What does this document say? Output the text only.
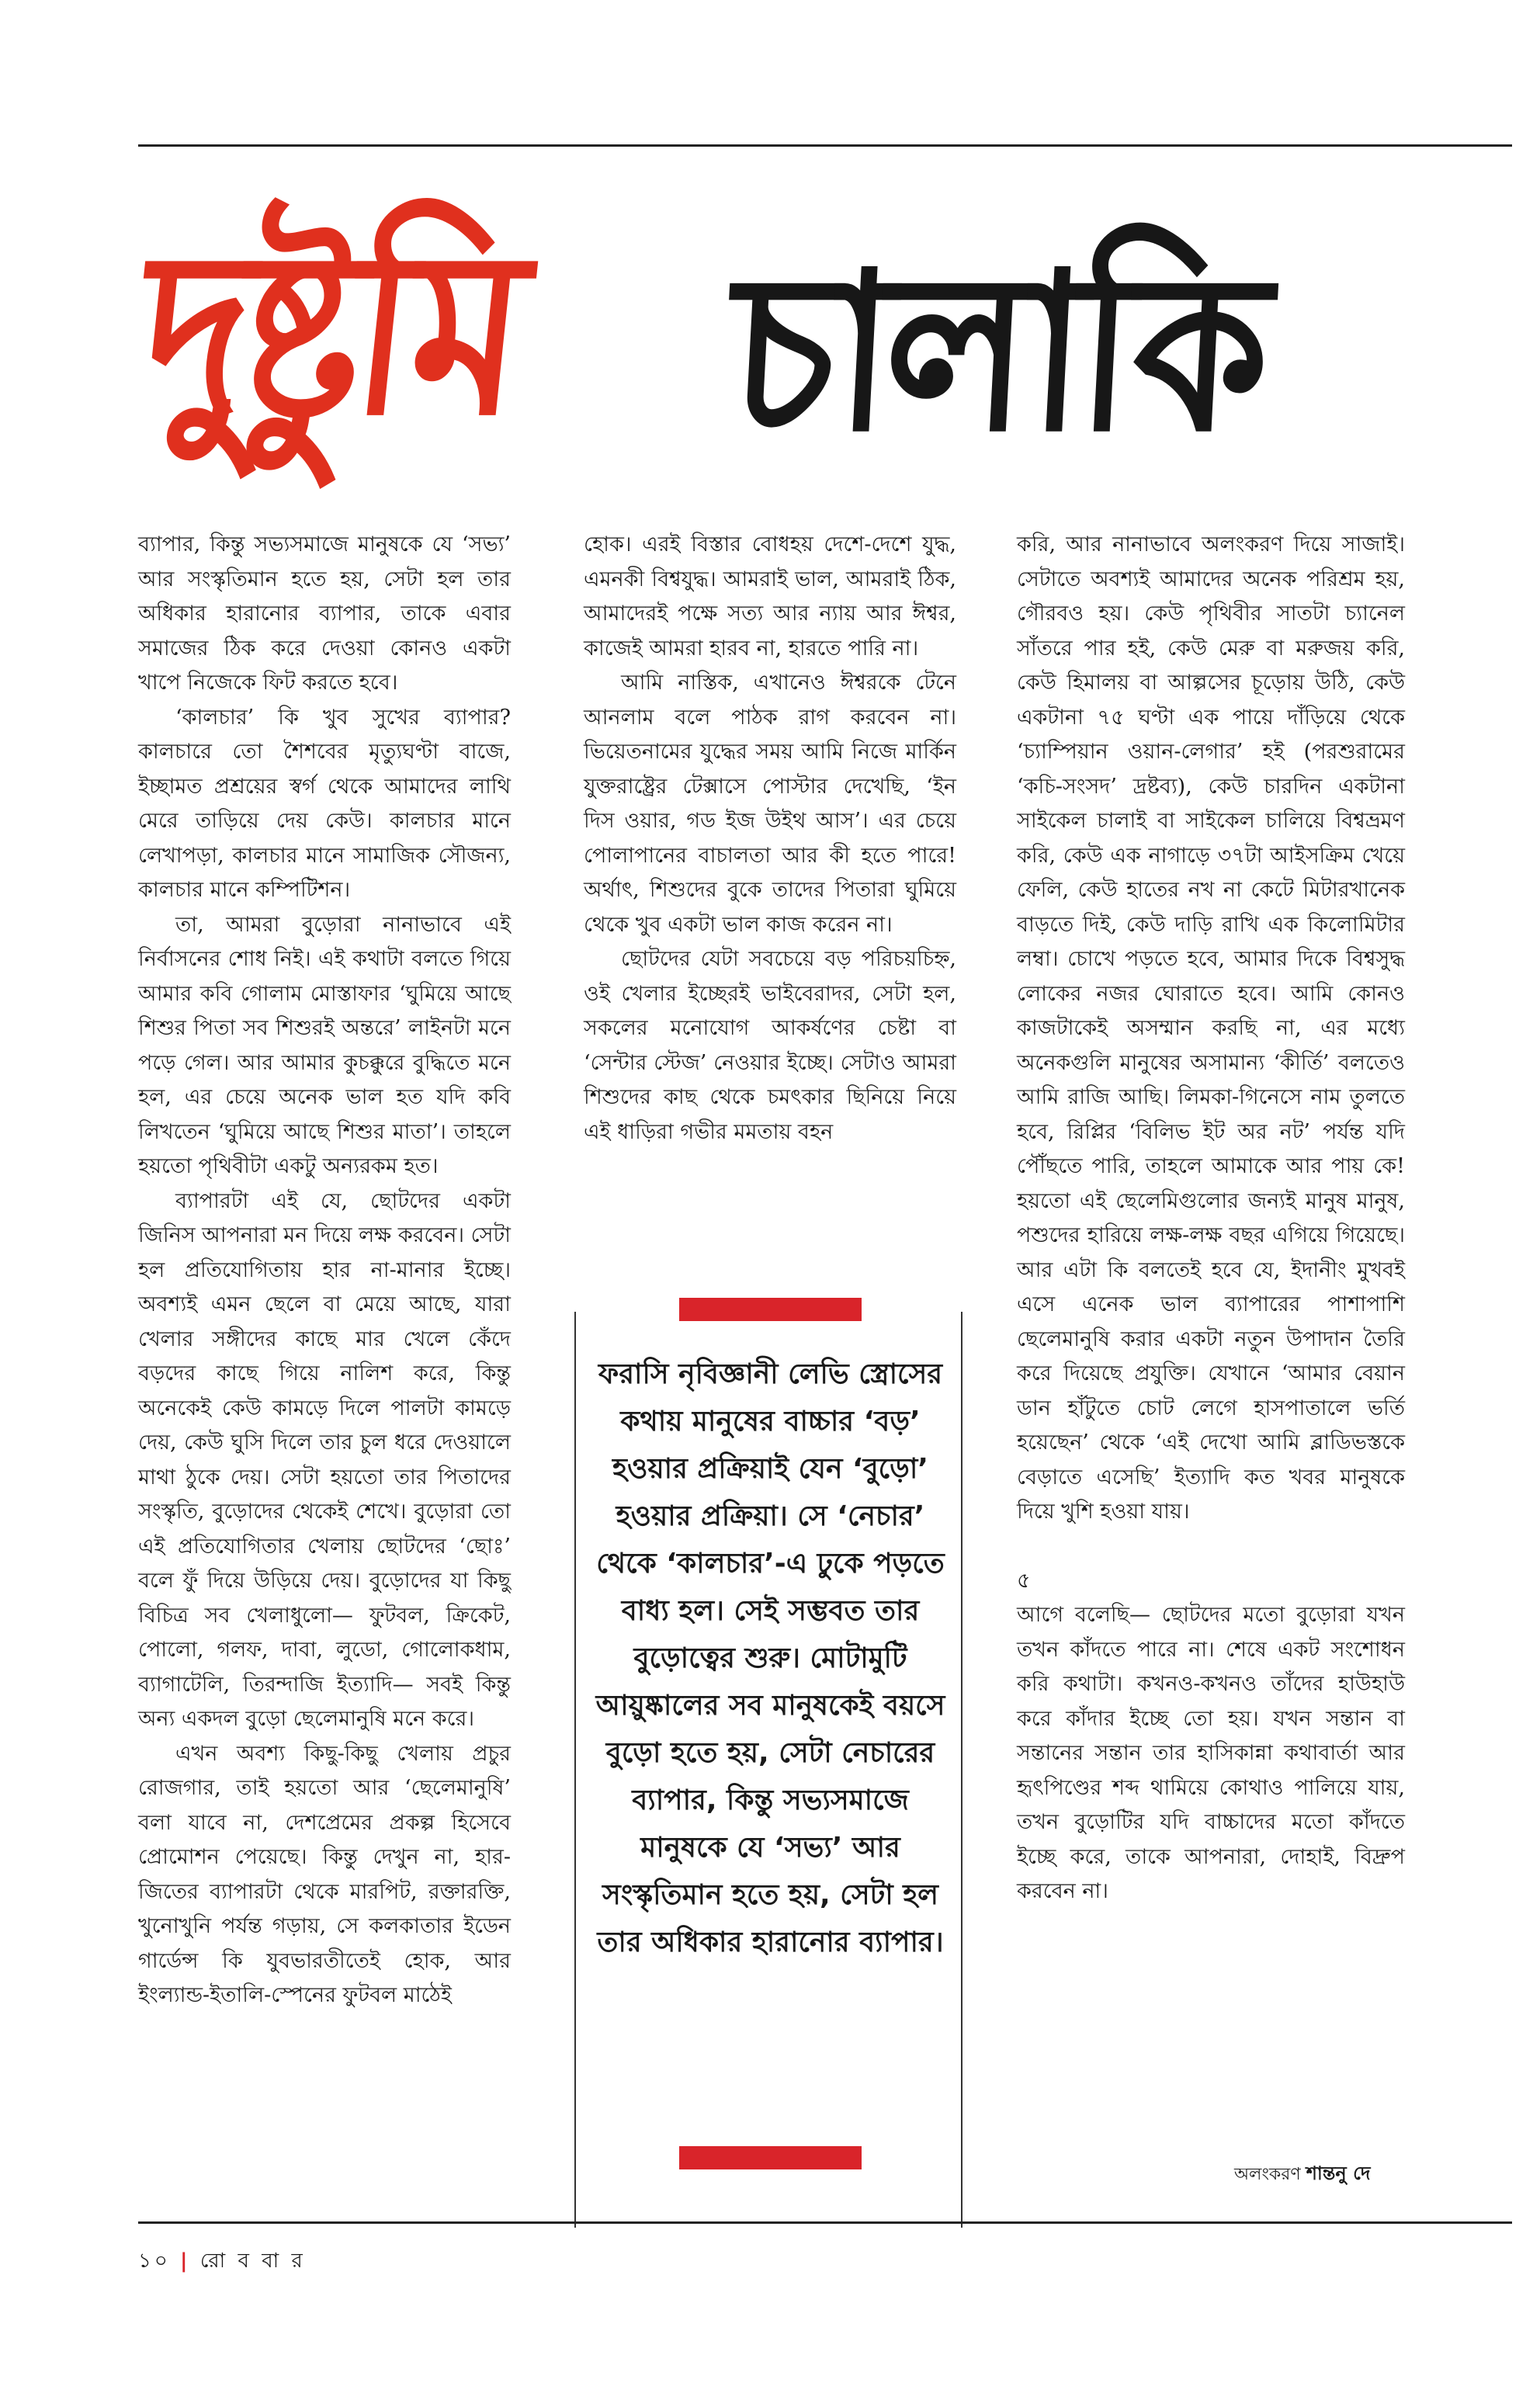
দুষ্টুমি চালাকি

ব্যাপার, কিন্তু সভ্যসমাজে মানুষকে যে ‘সভ্য’ আর সংস্কৃতিমান হতে হয়, সেটা হল তার অধিকার হারানোর ব্যাপার, তাকে এবার সমাজের ঠিক করে দেওয়া কোনও একটা খাপে নিজেকে ফিট করতে হবে।

‘কালচার’ কি খুব সুখের ব্যাপার? কালচারে তো শৈশবের মৃত্যুঘণ্টা বাজে, ইচ্ছামত প্রশ্রয়ের স্বর্গ থেকে আমাদের লাথি মেরে তাড়িয়ে দেয় কেউ। কালচার মানে লেখাপড়া, কালচার মানে সামাজিক সৌজন্য, কালচার মানে কম্পিটিশন।

তা, আমরা বুড়োরা নানাভাবে এই নির্বাসনের শোধ নিই। এই কথাটা বলতে গিয়ে আমার কবি গোলাম মোস্তাফার ‘ঘুমিয়ে আছে শিশুর পিতা সব শিশুরই অন্তরে’ লাইনটা মনে পড়ে গেল। আর আমার কুচক্কুরে বুদ্ধিতে মনে হল, এর চেয়ে অনেক ভাল হত যদি কবি লিখতেন ‘ঘুমিয়ে আছে শিশুর মাতা’। তাহলে হয়তো পৃথিবীটা একটু অন্যরকম হত।

ব্যাপারটা এই যে, ছোটদের একটা জিনিস আপনারা মন দিয়ে লক্ষ করবেন। সেটা হল প্রতিযোগিতায় হার না-মানার ইচ্ছে। অবশ্যই এমন ছেলে বা মেয়ে আছে, যারা খেলার সঙ্গীদের কাছে মার খেলে কেঁদে বড়দের কাছে গিয়ে নালিশ করে, কিন্তু অনেকেই কেউ কামড়ে দিলে পালটা কামড়ে দেয়, কেউ ঘুসি দিলে তার চুল ধরে দেওয়ালে মাথা ঠুকে দেয়। সেটা হয়তো তার পিতাদের সংস্কৃতি, বুড়োদের থেকেই শেখে। বুড়োরা তো এই প্রতিযোগিতার খেলায় ছোটদের ‘ছোঃ’ বলে ফুঁ দিয়ে উড়িয়ে দেয়। বুড়োদের যা কিছু বিচিত্র সব খেলাধুলো— ফুটবল, ক্রিকেট, পোলো, গলফ, দাবা, লুডো, গোলোকধাম, ব্যাগাটেলি, তিরন্দাজি ইত্যাদি— সবই কিন্তু অন্য একদল বুড়ো ছেলেমানুষি মনে করে।

এখন অবশ্য কিছু-কিছু খেলায় প্রচুর রোজগার, তাই হয়তো আর ‘ছেলেমানুষি’ বলা যাবে না, দেশপ্রেমের প্রকল্প হিসেবে প্রোমোশন পেয়েছে। কিন্তু দেখুন না, হার-জিতের ব্যাপারটা থেকে মারপিট, রক্তারক্তি, খুনোখুনি পর্যন্ত গড়ায়, সে কলকাতার ইডেন গার্ডেন্স কি যুবভারতীতেই হোক, আর ইংল্যান্ড-ইতালি-স্পেনের ফুটবল মাঠেই

হোক। এরই বিস্তার বোধহয় দেশে-দেশে যুদ্ধ, এমনকী বিশ্বযুদ্ধ। আমরাই ভাল, আমরাই ঠিক, আমাদেরই পক্ষে সত্য আর ন্যায় আর ঈশ্বর, কাজেই আমরা হারব না, হারতে পারি না।

আমি নাস্তিক, এখানেও ঈশ্বরকে টেনে আনলাম বলে পাঠক রাগ করবেন না। ভিয়েতনামের যুদ্ধের সময় আমি নিজে মার্কিন যুক্তরাষ্ট্রের টেক্সাসে পোস্টার দেখেছি, ‘ইন দিস ওয়ার, গড ইজ উইথ আস’। এর চেয়ে পোলাপানের বাচালতা আর কী হতে পারে! অর্থাৎ, শিশুদের বুকে তাদের পিতারা ঘুমিয়ে থেকে খুব একটা ভাল কাজ করেন না।

ছোটদের যেটা সবচেয়ে বড় পরিচয়চিহ্ন, ওই খেলার ইচ্ছেরই ভাইবেরাদর, সেটা হল, সকলের মনোযোগ আকর্ষণের চেষ্টা বা ‘সেন্টার স্টেজ’ নেওয়ার ইচ্ছে। সেটাও আমরা শিশুদের কাছ থেকে চমৎকার ছিনিয়ে নিয়ে এই ধাড়িরা গভীর মমতায় বহন

ফরাসি নৃবিজ্ঞানী লেভি স্ত্রোসের কথায় মানুষের বাচ্চার ‘বড়’ হওয়ার প্রক্রিয়াই যেন ‘বুড়ো’ হওয়ার প্রক্রিয়া। সে ‘নেচার’ থেকে ‘কালচার’-এ ঢুকে পড়তে বাধ্য হল। সেই সম্ভবত তার বুড়োত্বের শুরু। মোটামুটি আয়ুষ্কালের সব মানুষকেই বয়সে বুড়ো হতে হয়, সেটা নেচারের ব্যাপার, কিন্তু সভ্যসমাজে মানুষকে যে ‘সভ্য’ আর সংস্কৃতিমান হতে হয়, সেটা হল তার অধিকার হারানোর ব্যাপার।

করি, আর নানাভাবে অলংকরণ দিয়ে সাজাই। সেটাতে অবশ্যই আমাদের অনেক পরিশ্রম হয়, গৌরবও হয়। কেউ পৃথিবীর সাতটা চ্যানেল সাঁতরে পার হই, কেউ মেরু বা মরুজয় করি, কেউ হিমালয় বা আল্পসের চূড়োয় উঠি, কেউ একটানা ৭৫ ঘণ্টা এক পায়ে দাঁড়িয়ে থেকে ‘চ্যাম্পিয়ান ওয়ান-লেগার’ হই (পরশুরামের ‘কচি-সংসদ’ দ্রষ্টব্য), কেউ চারদিন একটানা সাইকেল চালাই বা সাইকেল চালিয়ে বিশ্বভ্রমণ করি, কেউ এক নাগাড়ে ৩৭টা আইসক্রিম খেয়ে ফেলি, কেউ হাতের নখ না কেটে মিটারখানেক বাড়তে দিই, কেউ দাড়ি রাখি এক কিলোমিটার লম্বা। চোখে পড়তে হবে, আমার দিকে বিশ্বসুদ্ধ লোকের নজর ঘোরাতে হবে। আমি কোনও কাজটাকেই অসম্মান করছি না, এর মধ্যে অনেকগুলি মানুষের অসামান্য ‘কীর্তি’ বলতেও আমি রাজি আছি। লিমকা-গিনেসে নাম তুলতে হবে, রিপ্লির ‘বিলিভ ইট অর নট’ পর্যন্ত যদি পৌঁছতে পারি, তাহলে আমাকে আর পায় কে! হয়তো এই ছেলেমিগুলোর জন্যই মানুষ মানুষ, পশুদের হারিয়ে লক্ষ-লক্ষ বছর এগিয়ে গিয়েছে। আর এটা কি বলতেই হবে যে, ইদানীং মুখবই এসে এনেক ভাল ব্যাপারের পাশাপাশি ছেলেমানুষি করার একটা নতুন উপাদান তৈরি করে দিয়েছে প্রযুক্তি। যেখানে ‘আমার বেয়ান ডান হাঁটুতে চোট লেগে হাসপাতালে ভর্তি হয়েছেন’ থেকে ‘এই দেখো আমি ব্লাডিভস্তকে বেড়াতে এসেছি’ ইত্যাদি কত খবর মানুষকে দিয়ে খুশি হওয়া যায়।

৫

আগে বলেছি— ছোটদের মতো বুড়োরা যখন তখন কাঁদতে পারে না। শেষে একট সংশোধন করি কথাটা। কখনও-কখনও তাঁদের হাউহাউ করে কাঁদার ইচ্ছে তো হয়। যখন সন্তান বা সন্তানের সন্তান তার হাসিকান্না কথাবার্তা আর হৃৎপিণ্ডের শব্দ থামিয়ে কোথাও পালিয়ে যায়, তখন বুড়োটির যদি বাচ্চাদের মতো কাঁদতে ইচ্ছে করে, তাকে আপনারা, দোহাই, বিদ্রুপ করবেন না।

অলংকরণ শান্তনু দে
১০ | রো ব বা র
